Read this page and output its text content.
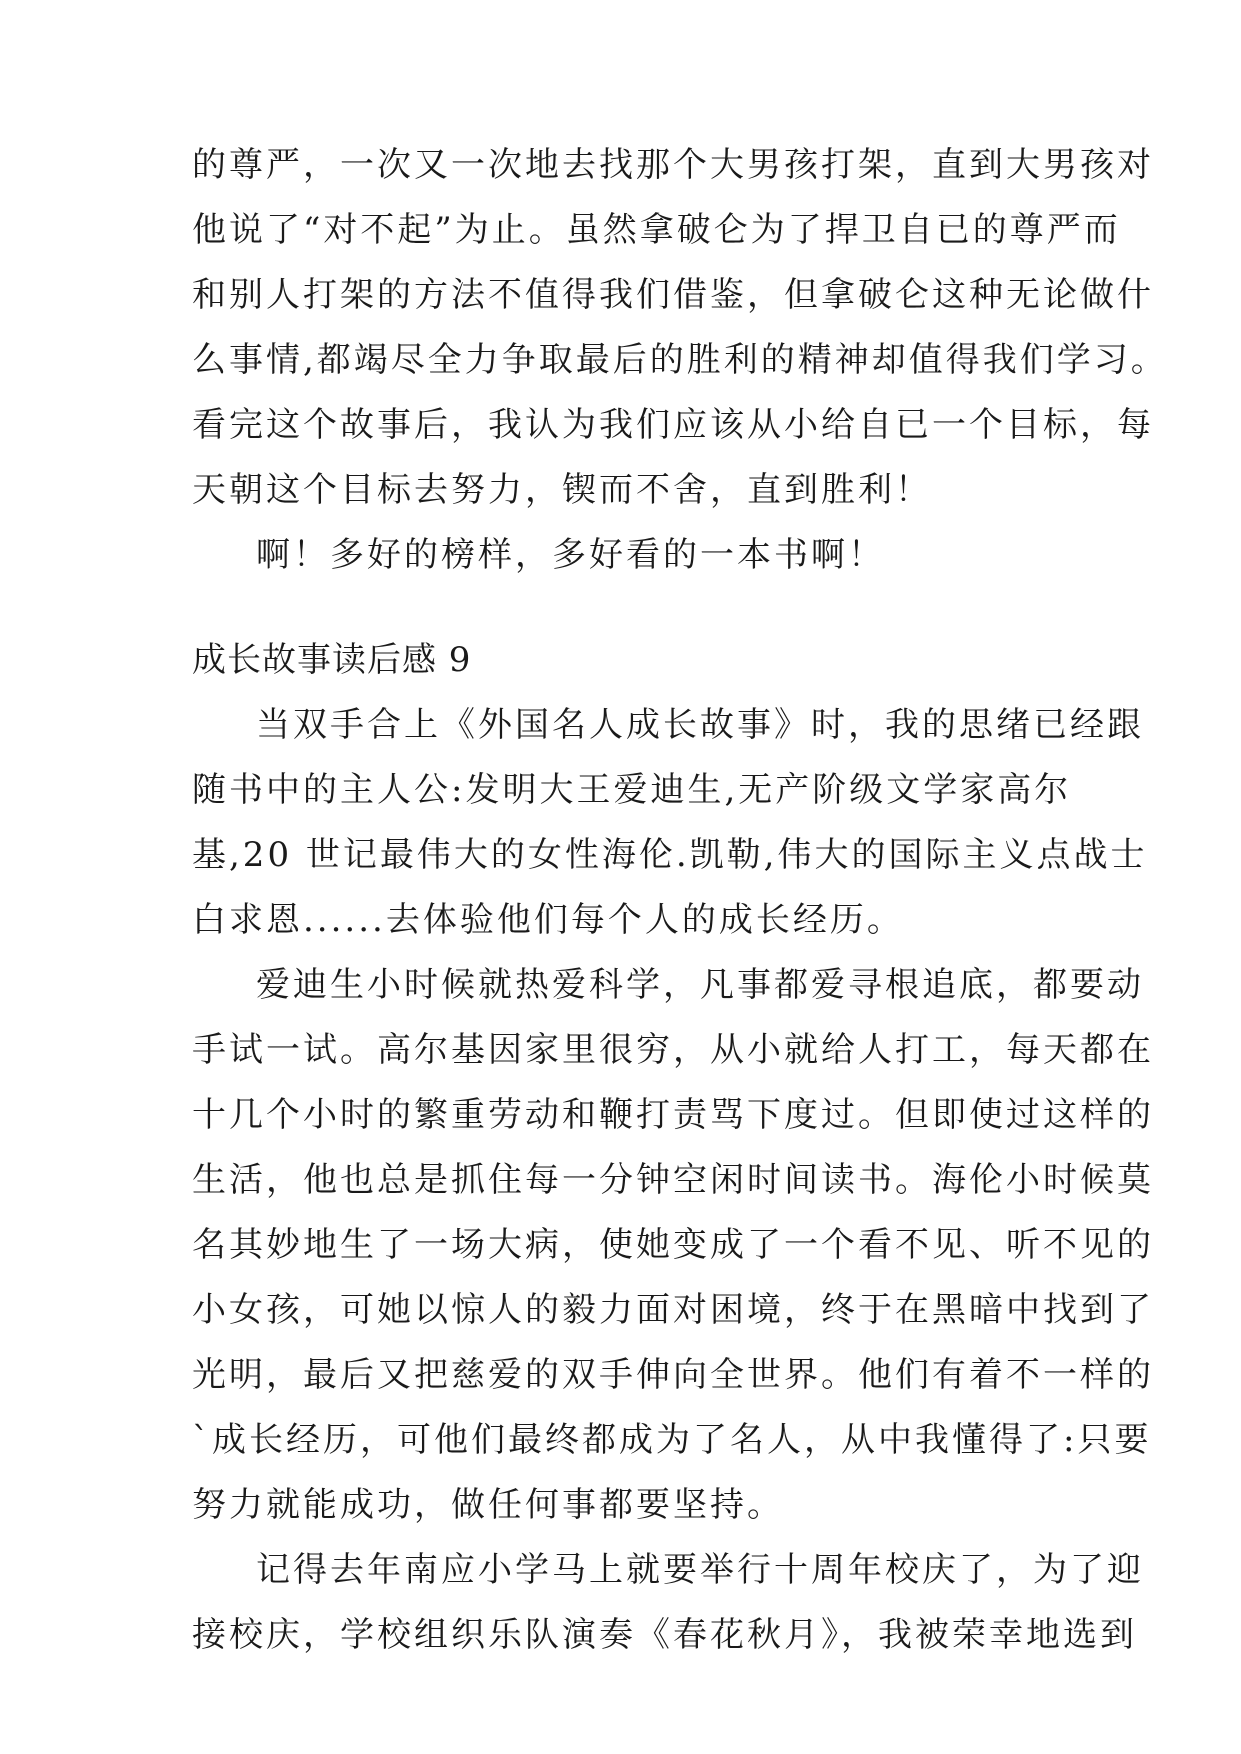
的尊严，一次又一次地去找那个大男孩打架，直到大男孩对
他说了“对不起”为止。虽然拿破仑为了捍卫自已的尊严而
和别人打架的方法不值得我们借鉴，但拿破仑这种无论做什
么事情,都竭尽全力争取最后的胜利的精神却值得我们学习。
看完这个故事后，我认为我们应该从小给自已一个目标，每
天朝这个目标去努力，锲而不舍，直到胜利！
啊！多好的榜样，多好看的一本书啊！
成长故事读后感 9
当双手合上《外国名人成长故事》时，我的思绪已经跟
随书中的主人公:发明大王爱迪生,无产阶级文学家高尔
基,20 世记最伟大的女性海伦.凯勒,伟大的国际主义点战士
白求恩......去体验他们每个人的成长经历。
爱迪生小时候就热爱科学，凡事都爱寻根追底，都要动
手试一试。高尔基因家里很穷，从小就给人打工，每天都在
十几个小时的繁重劳动和鞭打责骂下度过。但即使过这样的
生活，他也总是抓住每一分钟空闲时间读书。海伦小时候莫
名其妙地生了一场大病，使她变成了一个看不见、听不见的
小女孩，可她以惊人的毅力面对困境，终于在黑暗中找到了
光明，最后又把慈爱的双手伸向全世界。他们有着不一样的
`成长经历，可他们最终都成为了名人，从中我懂得了:只要
努力就能成功，做任何事都要坚持。
记得去年南应小学马上就要举行十周年校庆了，为了迎
接校庆，学校组织乐队演奏《春花秋月》，我被荣幸地选到
